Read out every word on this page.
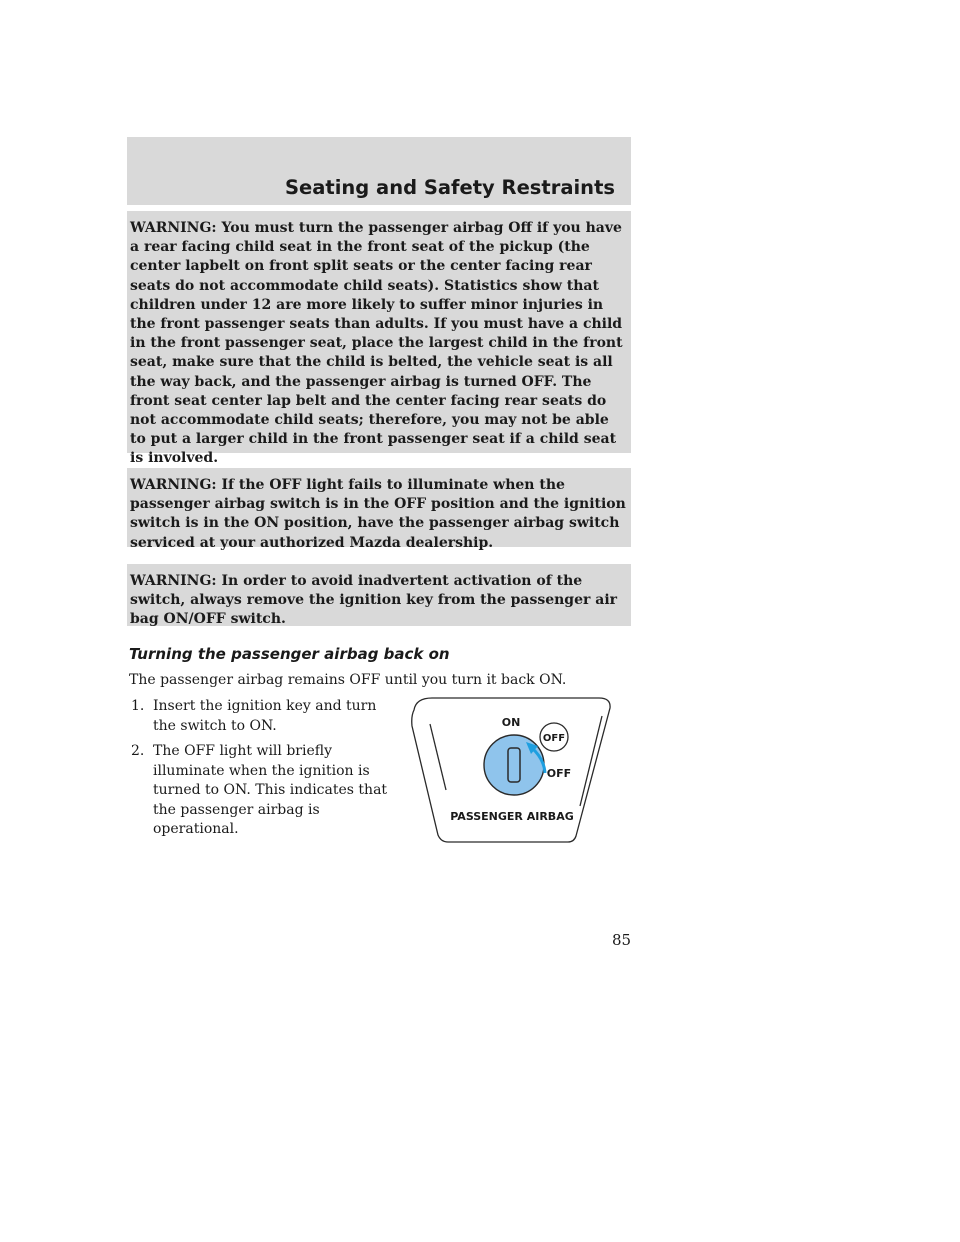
Seating and Safety Restraints
WARNING: You must turn the passenger airbag Off if you have a rear facing child seat in the front seat of the pickup (the center lapbelt on front split seats or the center facing rear seats do not accommodate child seats). Statistics show that children under 12 are more likely to suffer minor injuries in the front passenger seats than adults. If you must have a child in the front passenger seat, place the largest child in the front seat, make sure that the child is belted, the vehicle seat is all the way back, and the passenger airbag is turned OFF. The front seat center lap belt and the center facing rear seats do not accommodate child seats; therefore, you may not be able to put a larger child in the front passenger seat if a child seat is involved.
WARNING: If the OFF light fails to illuminate when the passenger airbag switch is in the OFF position and the ignition switch is in the ON position, have the passenger airbag switch serviced at your authorized Mazda dealership.
WARNING: In order to avoid inadvertent activation of the switch, always remove the ignition key from the passenger air bag ON/OFF switch.
Turning the passenger airbag back on

The passenger airbag remains OFF until you turn it back ON.

1. Insert the ignition key and turn the switch to ON.
2. The OFF light will briefly illuminate when the ignition is turned to ON. This indicates that the passenger airbag is operational.
ON
OFF
OFF
PASSENGER AIRBAG
85
